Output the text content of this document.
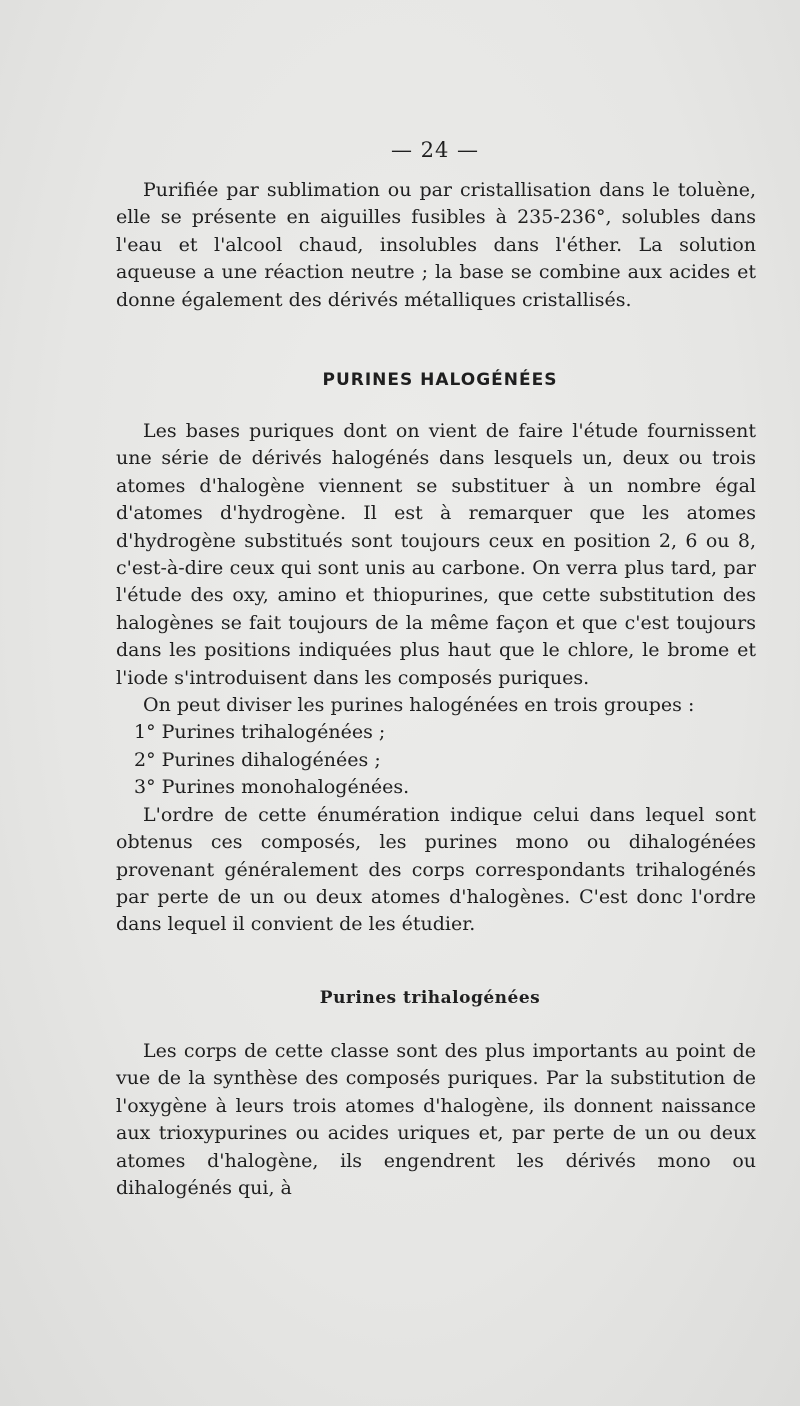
— 24 —

Purifiée par sublimation ou par cristallisation dans le toluène, elle se présente en aiguilles fusibles à 235-236°, solubles dans l'eau et l'alcool chaud, insolubles dans l'éther. La solution aqueuse a une réaction neutre ; la base se combine aux acides et donne également des dérivés métalliques cristallisés.

PURINES HALOGÉNÉES

Les bases puriques dont on vient de faire l'étude fournissent une série de dérivés halogénés dans lesquels un, deux ou trois atomes d'halogène viennent se substituer à un nombre égal d'atomes d'hydrogène. Il est à remarquer que les atomes d'hydrogène substitués sont toujours ceux en position 2, 6 ou 8, c'est-à-dire ceux qui sont unis au carbone. On verra plus tard, par l'étude des oxy, amino et thiopurines, que cette substitution des halogènes se fait toujours de la même façon et que c'est toujours dans les positions indiquées plus haut que le chlore, le brome et l'iode s'introduisent dans les composés puriques.

On peut diviser les purines halogénées en trois groupes :

1° Purines trihalogénées ;

2° Purines dihalogénées ;

3° Purines monohalogénées.

L'ordre de cette énumération indique celui dans lequel sont obtenus ces composés, les purines mono ou dihalogénées provenant généralement des corps correspondants trihalogénés par perte de un ou deux atomes d'halogènes. C'est donc l'ordre dans lequel il convient de les étudier.

Purines trihalogénées

Les corps de cette classe sont des plus importants au point de vue de la synthèse des composés puriques. Par la substitution de l'oxygène à leurs trois atomes d'halogène, ils donnent naissance aux trioxypurines ou acides uriques et, par perte de un ou deux atomes d'halogène, ils engendrent les dérivés mono ou dihalogénés qui, à
